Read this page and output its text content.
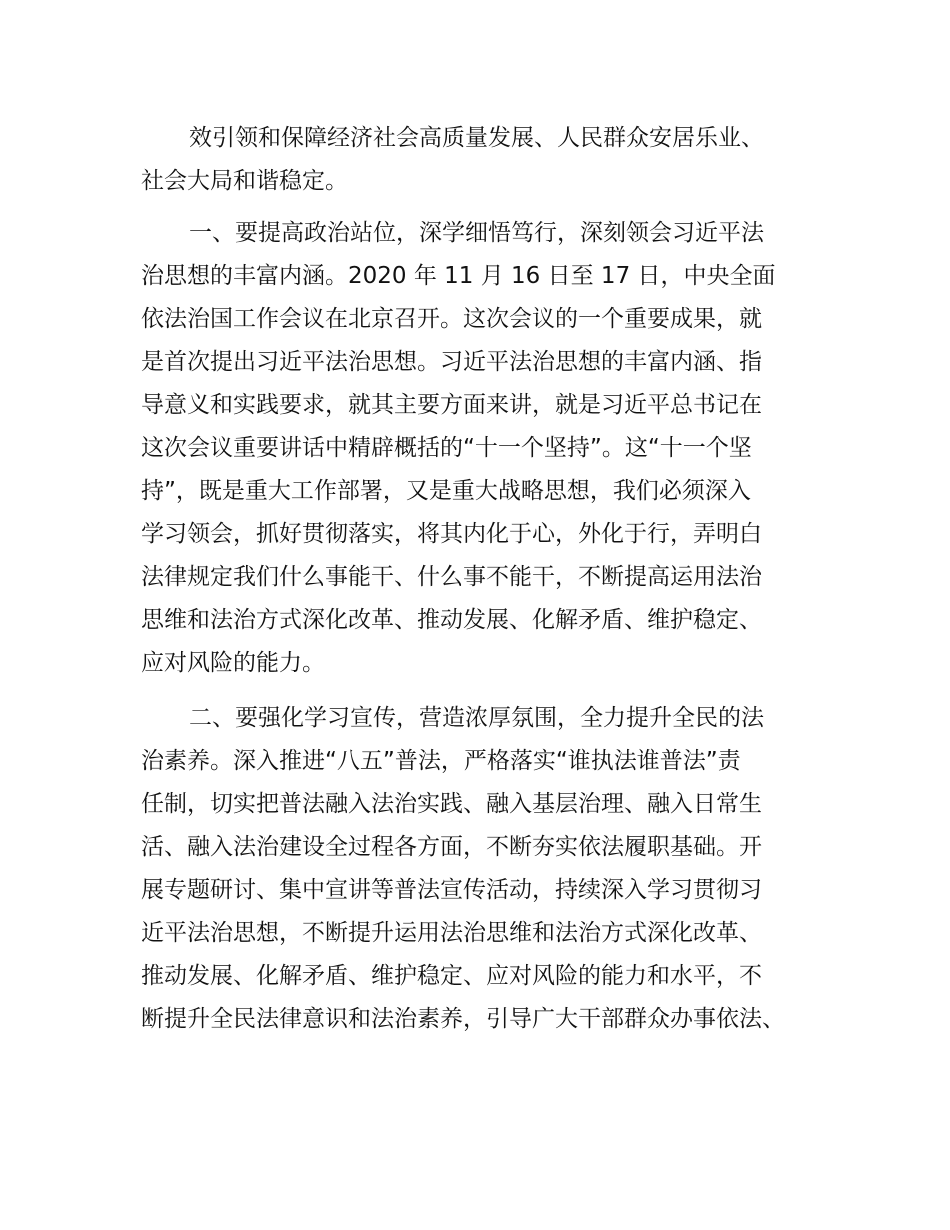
效引领和保障经济社会高质量发展、人民群众安居乐业、
社会大局和谐稳定。
一、要提高政治站位，深学细悟笃行，深刻领会习近平法
治思想的丰富内涵。2020 年 11 月 16 日至 17 日，中央全面
依法治国工作会议在北京召开。这次会议的一个重要成果，就
是首次提出习近平法治思想。习近平法治思想的丰富内涵、指
导意义和实践要求，就其主要方面来讲，就是习近平总书记在
这次会议重要讲话中精辟概括的“十一个坚持”。这“十一个坚
持”，既是重大工作部署，又是重大战略思想，我们必须深入
学习领会，抓好贯彻落实，将其内化于心，外化于行，弄明白
法律规定我们什么事能干、什么事不能干，不断提高运用法治
思维和法治方式深化改革、推动发展、化解矛盾、维护稳定、
应对风险的能力。
二、要强化学习宣传，营造浓厚氛围，全力提升全民的法
治素养。深入推进“八五”普法，严格落实“谁执法谁普法”责
任制，切实把普法融入法治实践、融入基层治理、融入日常生
活、融入法治建设全过程各方面，不断夯实依法履职基础。开
展专题研讨、集中宣讲等普法宣传活动，持续深入学习贯彻习
近平法治思想，不断提升运用法治思维和法治方式深化改革、
推动发展、化解矛盾、维护稳定、应对风险的能力和水平，不
断提升全民法律意识和法治素养，引导广大干部群众办事依法、
